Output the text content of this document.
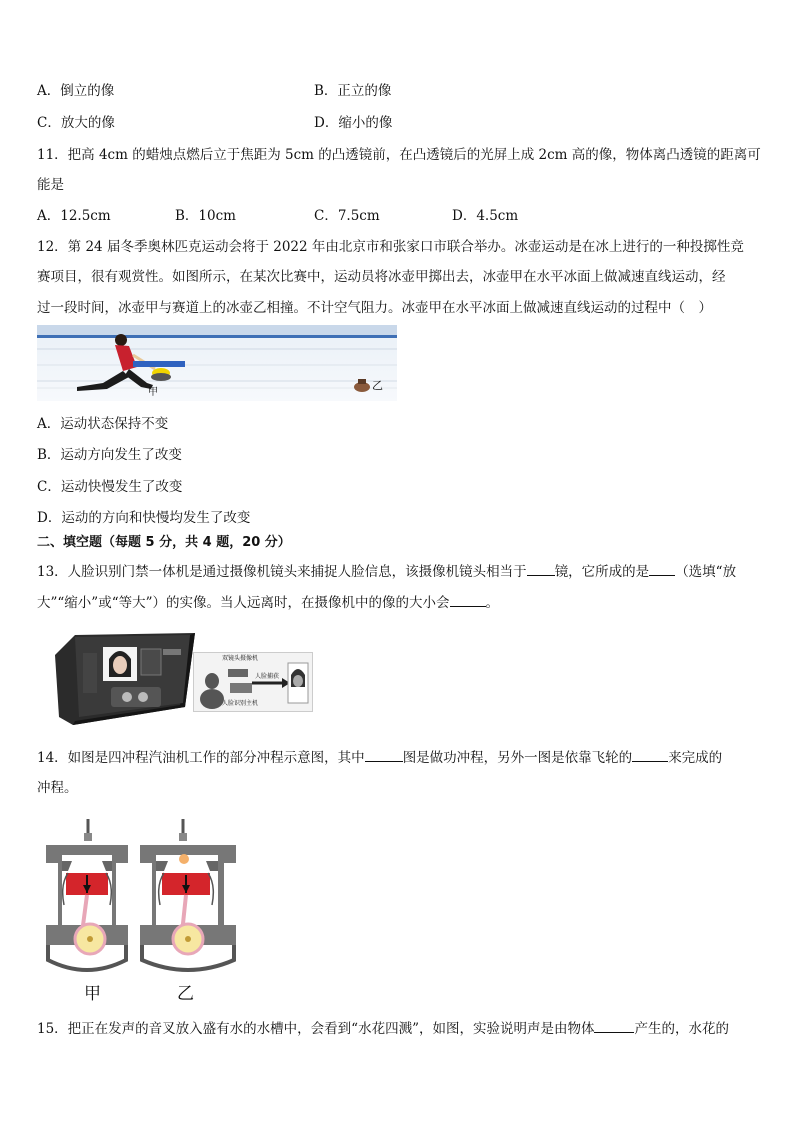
A．倒立的像	B．正立的像
C．放大的像	D．缩小的像
11．把高 4cm 的蜡烛点燃后立于焦距为 5cm 的凸透镜前，在凸透镜后的光屏上成 2cm 高的像，物体离凸透镜的距离可
能是
A．12.5cm	B．10cm	C．7.5cm	D．4.5cm
12．第 24 届冬季奥林匹克运动会将于 2022 年由北京市和张家口市联合举办。冰壶运动是在冰上进行的一种投掷性竞
赛项目，很有观赏性。如图所示，在某次比赛中，运动员将冰壶甲掷出去，冰壶甲在水平冰面上做减速直线运动，经
过一段时间，冰壶甲与赛道上的冰壶乙相撞。不计空气阻力。冰壶甲在水平冰面上做减速直线运动的过程中（　）
甲
乙
A．运动状态保持不变
B．运动方向发生了改变
C．运动快慢发生了改变
D．运动的方向和快慢均发生了改变
二、填空题（每题 5 分，共 4 题，20 分）
13．人脸识别门禁一体机是通过摄像机镜头来捕捉人脸信息，该摄像机镜头相当于 镜，它所成的是 （选填“放
大”“缩小”或“等大”）的实像。当人远离时，在摄像机中的像的大小会	。
双镜头摄像机
人脸捕获
人脸识别主机
14．如图是四冲程汽油机工作的部分冲程示意图，其中	图是做功冲程，另外一图是依靠飞轮的	来完成的
冲程。
甲	乙
15．把正在发声的音叉放入盛有水的水槽中，会看到“水花四溅”，如图，实验说明声是由物体	产生的，水花的
